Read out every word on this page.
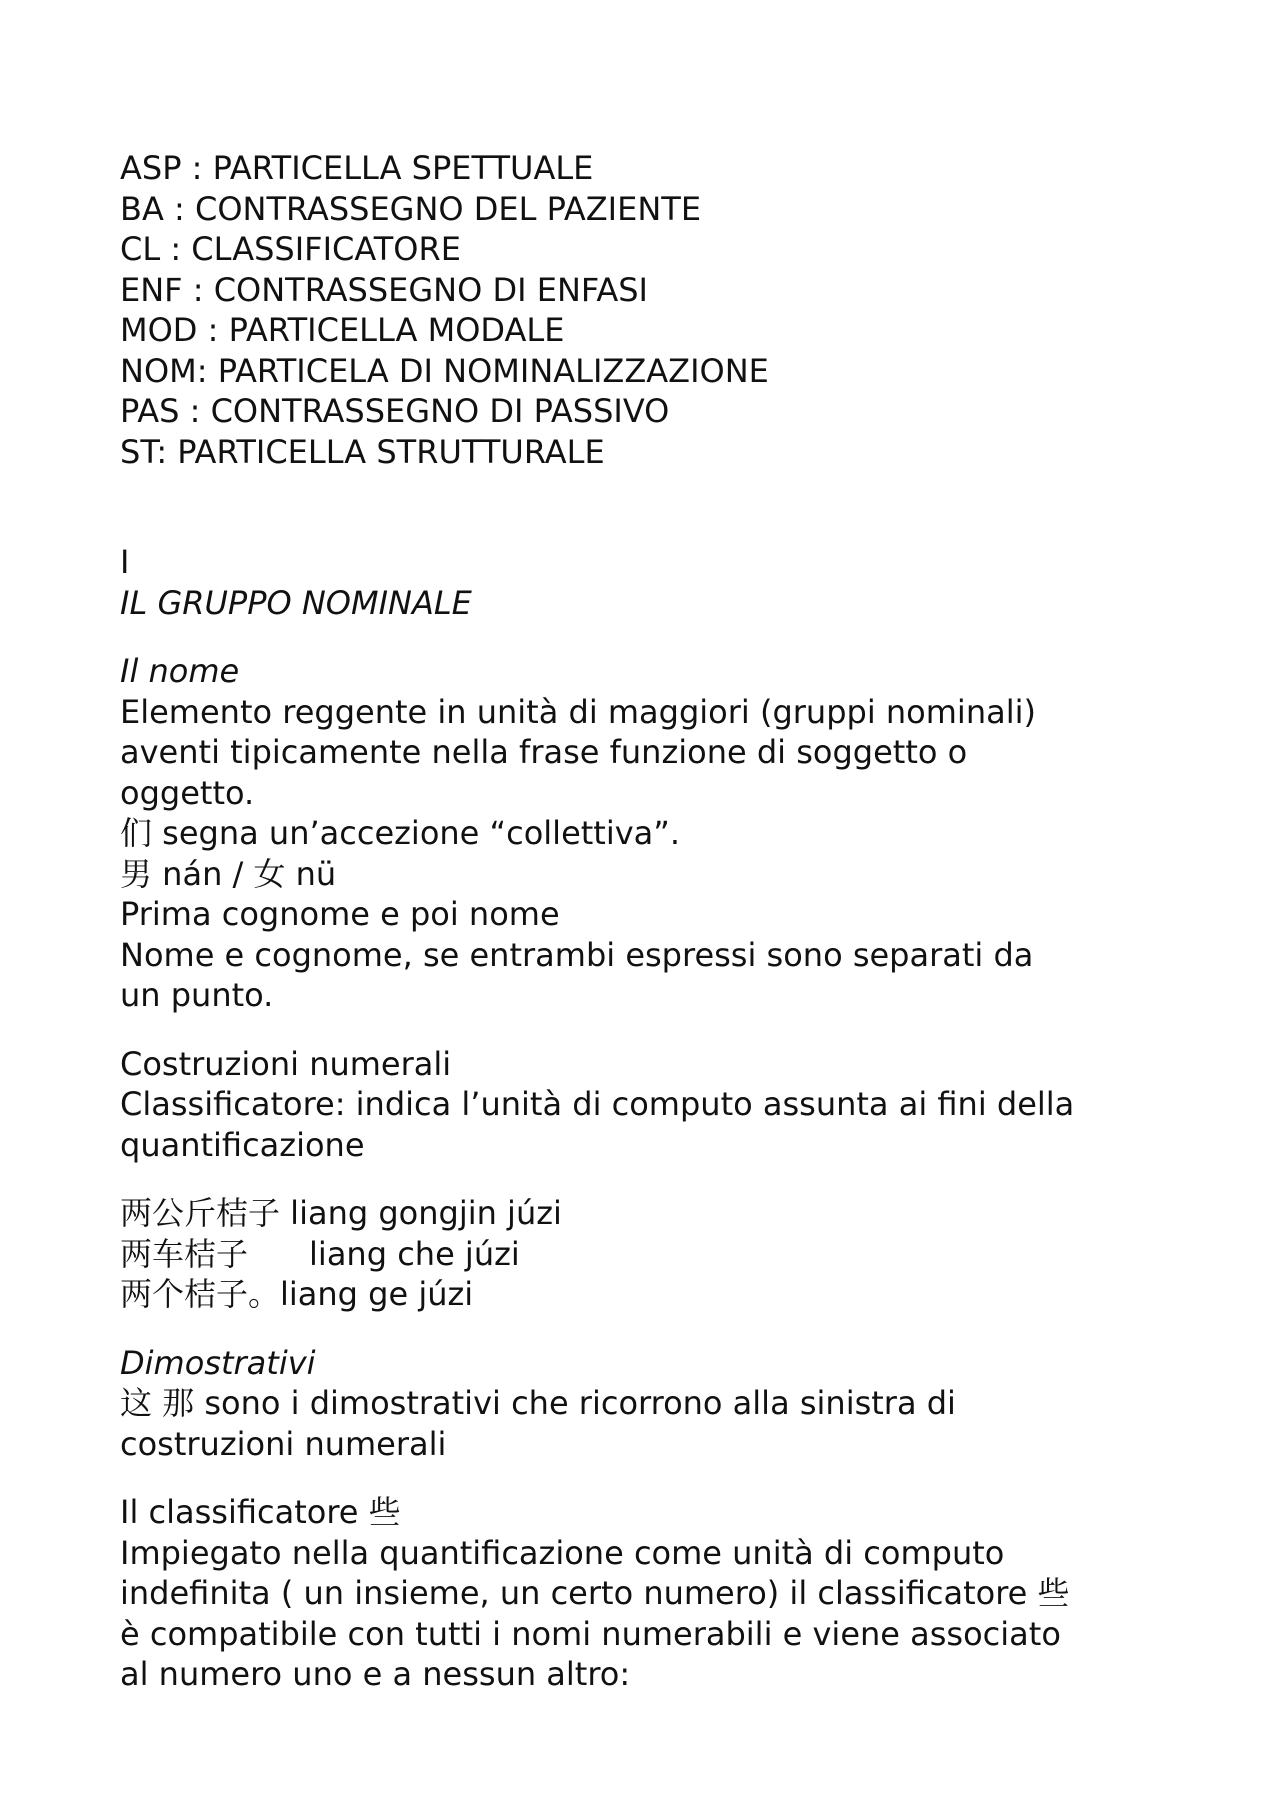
ASP : PARTICELLA SPETTUALE
BA : CONTRASSEGNO DEL PAZIENTE
CL : CLASSIFICATORE
ENF : CONTRASSEGNO DI ENFASI
MOD : PARTICELLA MODALE
NOM: PARTICELA DI NOMINALIZZAZIONE
PAS : CONTRASSEGNO DI PASSIVO
ST: PARTICELLA STRUTTURALE
I
IL GRUPPO NOMINALE
Il nome
Elemento reggente in unità di maggiori (gruppi nominali)
aventi tipicamente nella frase funzione di soggetto o
oggetto.
们 segna un’accezione “collettiva”.
男 nán / 女 nü
Prima cognome e poi nome
Nome e cognome, se entrambi espressi sono separati da
un punto.
Costruzioni numerali
Classificatore: indica l’unità di computo assunta ai fini della
quantificazione
两公斤桔子 liang gongjin júzi
两车桔子      liang che júzi
两个桔子。liang ge júzi
Dimostrativi
这 那 sono i dimostrativi che ricorrono alla sinistra di
costruzioni numerali
Il classificatore 些
Impiegato nella quantificazione come unità di computo
indefinita ( un insieme, un certo numero) il classificatore 些
è compatibile con tutti i nomi numerabili e viene associato
al numero uno e a nessun altro:
